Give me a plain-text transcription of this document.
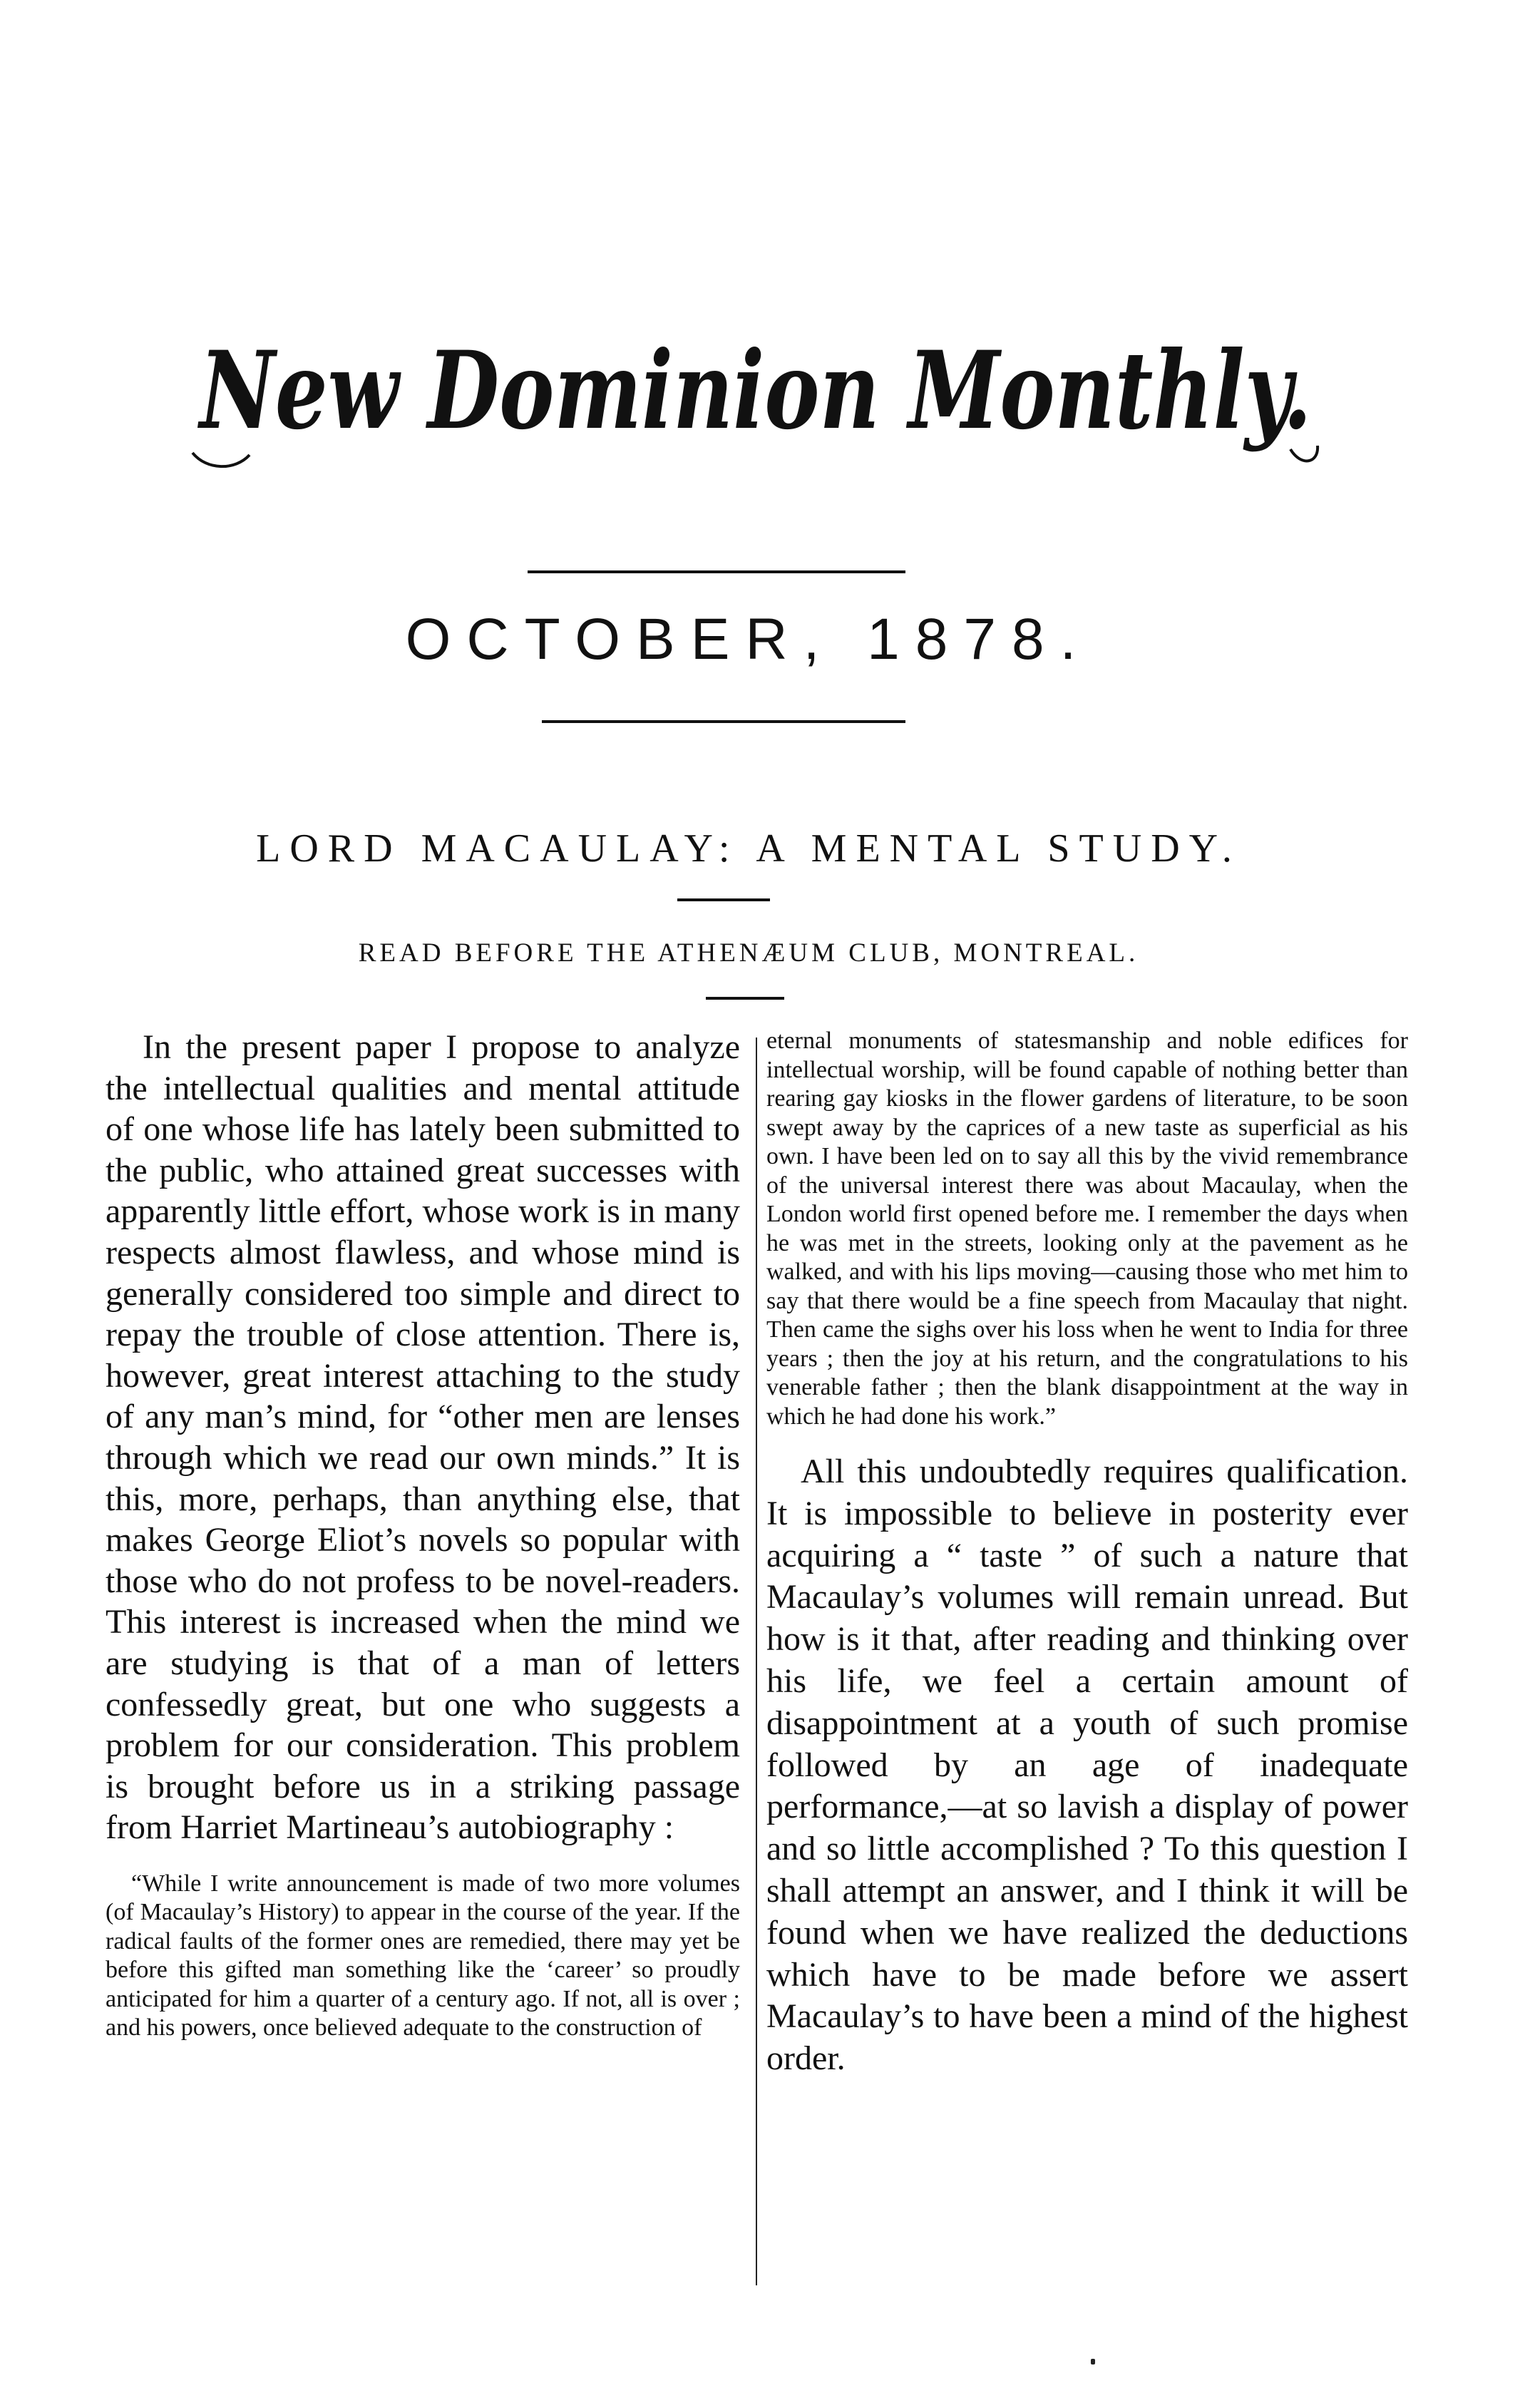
New Dominion Monthly.
OCTOBER, 1878.
LORD MACAULAY: A MENTAL STUDY.
READ BEFORE THE ATHENÆUM CLUB, MONTREAL.

In the present paper I propose to analyze the intellectual qualities and mental attitude of one whose life has lately been submitted to the public, who attained great successes with apparently little effort, whose work is in many respects almost flawless, and whose mind is generally considered too simple and direct to repay the trouble of close attention. There is, however, great interest attaching to the study of any man’s mind, for “other men are lenses through which we read our own minds.” It is this, more, perhaps, than anything else, that makes George Eliot’s novels so popular with those who do not profess to be novel-readers. This interest is increased when the mind we are studying is that of a man of letters confessedly great, but one who suggests a problem for our consideration. This problem is brought before us in a striking passage from Harriet Martineau’s autobiography :

“While I write announcement is made of two more volumes (of Macaulay’s History) to appear in the course of the year. If the radical faults of the former ones are remedied, there may yet be before this gifted man something like the ‘career’ so proudly anticipated for him a quarter of a century ago. If not, all is over ; and his powers, once believed adequate to the construction of

eternal monuments of statesmanship and noble edifices for intellectual worship, will be found capable of nothing better than rearing gay kiosks in the flower gardens of literature, to be soon swept away by the caprices of a new taste as superficial as his own. I have been led on to say all this by the vivid remembrance of the universal interest there was about Macaulay, when the London world first opened before me. I remember the days when he was met in the streets, looking only at the pavement as he walked, and with his lips moving—causing those who met him to say that there would be a fine speech from Macaulay that night. Then came the sighs over his loss when he went to India for three years ; then the joy at his return, and the congratulations to his venerable father ; then the blank disappointment at the way in which he had done his work.”

All this undoubtedly requires qualification. It is impossible to believe in posterity ever acquiring a “ taste ” of such a nature that Macaulay’s volumes will remain unread. But how is it that, after reading and thinking over his life, we feel a certain amount of disappointment at a youth of such promise followed by an age of inadequate performance,—at so lavish a display of power and so little accomplished ? To this question I shall attempt an answer, and I think it will be found when we have realized the deductions which have to be made before we assert Macaulay’s to have been a mind of the highest order.
